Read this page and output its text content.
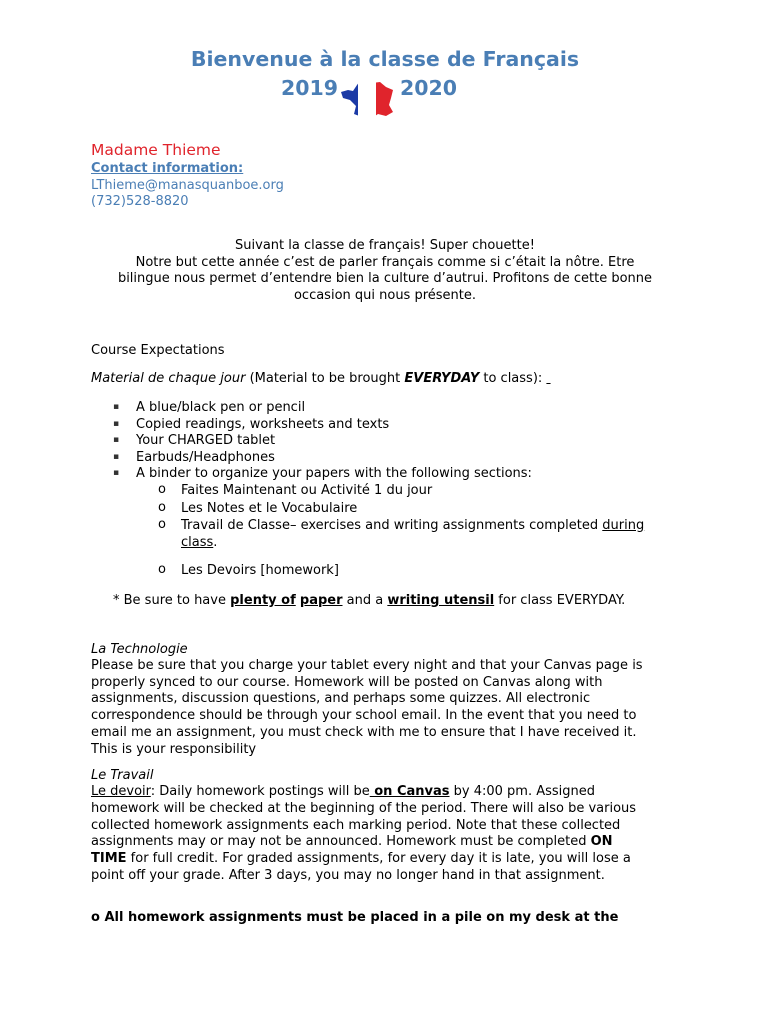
Bienvenue à la classe de Français
2019	2020
Madame Thieme
Contact information:
LThieme@manasquanboe.org
(732)528-8820
Suivant la classe de français! Super chouette!
Notre but cette année c’est de parler français comme si c’était la nôtre. Etre
bilingue nous permet d’entendre bien la culture d’autrui. Profitons de cette bonne
occasion qui nous présente.
Course Expectations
Material de chaque jour (Material to be brought EVERYDAY to class):
▪ A blue/black pen or pencil
▪ Copied readings, worksheets and texts
▪ Your CHARGED tablet
▪ Earbuds/Headphones
▪ A binder to organize your papers with the following sections:
o Faites Maintenant ou Activité 1 du jour
o Les Notes et le Vocabulaire
o Travail de Classe– exercises and writing assignments completed during
class.
o Les Devoirs [homework]
* Be sure to have plenty of paper and a writing utensil for class EVERYDAY.
La Technologie
Please be sure that you charge your tablet every night and that your Canvas page is
properly synced to our course. Homework will be posted on Canvas along with
assignments, discussion questions, and perhaps some quizzes. All electronic
correspondence should be through your school email. In the event that you need to
email me an assignment, you must check with me to ensure that I have received it.
This is your responsibility
Le Travail
Le devoir: Daily homework postings will be on Canvas by 4:00 pm. Assigned
homework will be checked at the beginning of the period. There will also be various
collected homework assignments each marking period. Note that these collected
assignments may or may not be announced. Homework must be completed ON
TIME for full credit. For graded assignments, for every day it is late, you will lose a
point off your grade. After 3 days, you may no longer hand in that assignment.
o All homework assignments must be placed in a pile on my desk at the
